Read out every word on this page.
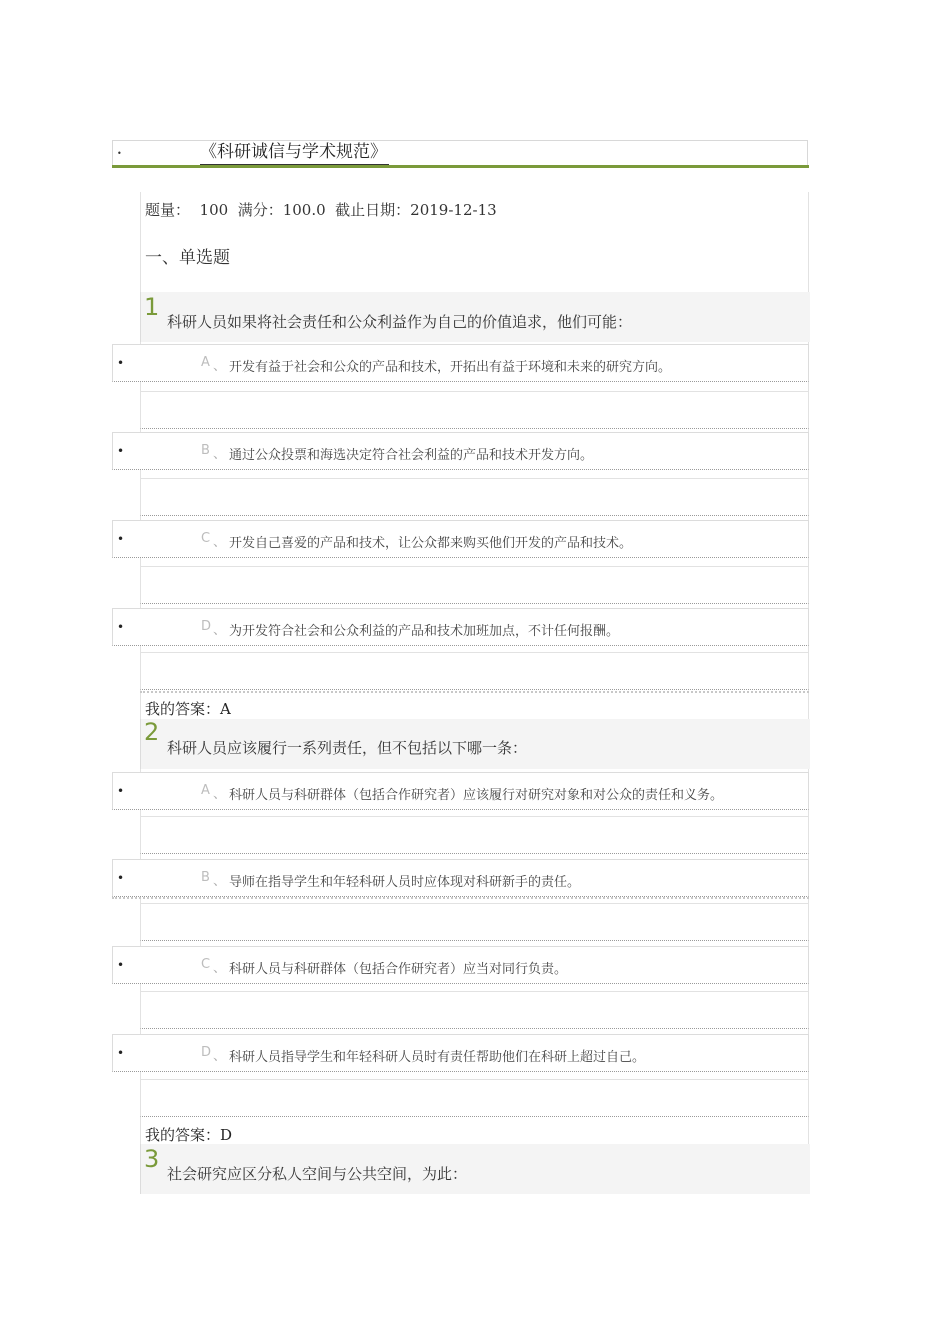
•	《科研诚信与学术规范》
题量：  100  满分：100.0  截止日期：2019-12-13
一、单选题
1
科研人员如果将社会责任和公众利益作为自己的价值追求，他们可能：
•	A 、 开发有益于社会和公众的产品和技术，开拓出有益于环境和未来的研究方向。
•	B 、 通过公众投票和海选决定符合社会利益的产品和技术开发方向。
•	C 、 开发自己喜爱的产品和技术，让公众都来购买他们开发的产品和技术。
•	D 、 为开发符合社会和公众利益的产品和技术加班加点，不计任何报酬。
我的答案：A
2
科研人员应该履行一系列责任，但不包括以下哪一条：
•	A 、 科研人员与科研群体（包括合作研究者）应该履行对研究对象和对公众的责任和义务。
•	B 、 导师在指导学生和年轻科研人员时应体现对科研新手的责任。
•	C 、 科研人员与科研群体（包括合作研究者）应当对同行负责。
•	D 、 科研人员指导学生和年轻科研人员时有责任帮助他们在科研上超过自己。
我的答案：D
3
社会研究应区分私人空间与公共空间，为此：
